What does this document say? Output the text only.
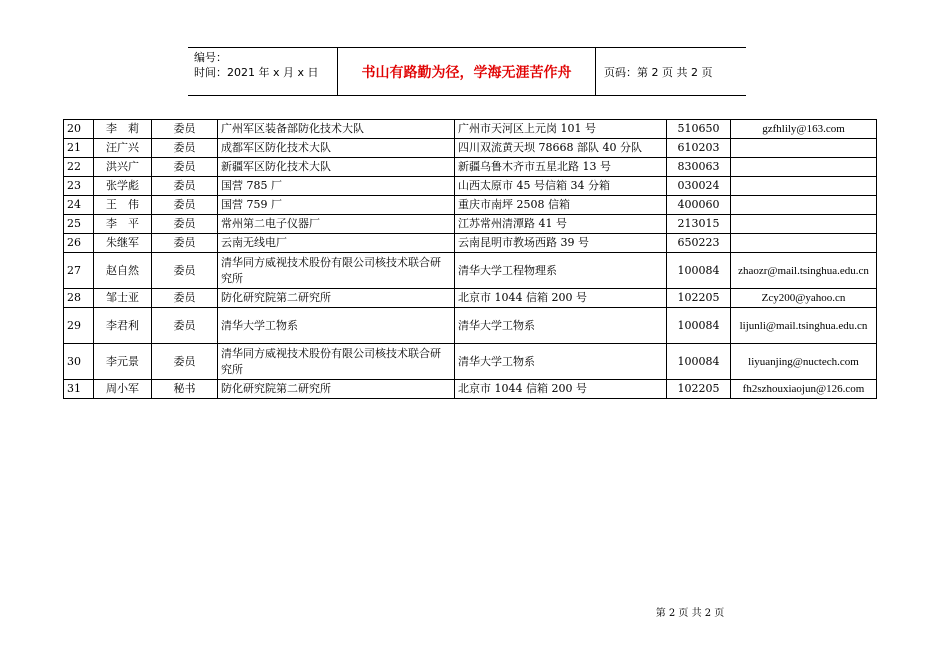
编号：
时间：2021 年 x 月 x 日	书山有路勤为径，学海无涯苦作舟	页码：第 2 页 共 2 页
20	李　莉	委员	广州军区装备部防化技术大队	广州市天河区上元岗 101 号	510650	gzfhlily@163.com
21	汪广兴	委员	成都军区防化技术大队	四川双流黄天坝 78668 部队 40 分队	610203	
22	洪兴广	委员	新疆军区防化技术大队	新疆乌鲁木齐市五星北路 13 号	830063	
23	张学彪	委员	国营 785 厂	山西太原市 45 号信箱 34 分箱	030024	
24	王　伟	委员	国营 759 厂	重庆市南坪 2508 信箱	400060	
25	李　平	委员	常州第二电子仪器厂	江苏常州清潭路 41 号	213015	
26	朱继军	委员	云南无线电厂	云南昆明市教场西路 39 号	650223	
27	赵自然	委员	清华同方威视技术股份有限公司核技术联合研究所	清华大学工程物理系	100084	zhaozr@mail.tsinghua.edu.cn
28	邹士亚	委员	防化研究院第二研究所	北京市 1044 信箱 200 号	102205	Zcy200@yahoo.cn
29	李君利	委员	清华大学工物系	清华大学工物系	100084	lijunli@mail.tsinghua.edu.cn
30	李元景	委员	清华同方威视技术股份有限公司核技术联合研究所	清华大学工物系	100084	liyuanjing@nuctech.com
31	周小军	秘书	防化研究院第二研究所	北京市 1044 信箱 200 号	102205	fh2szhouxiaojun@126.com
第 2 页 共 2 页
